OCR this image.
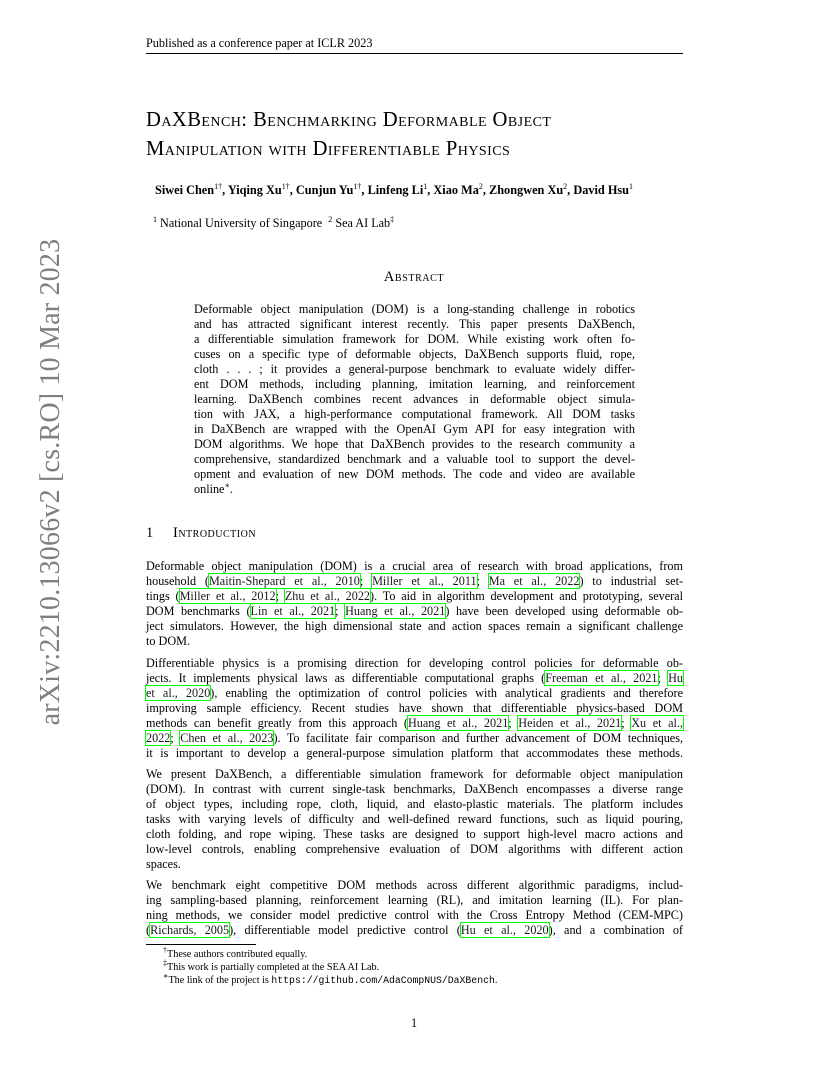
Published as a conference paper at ICLR 2023
arXiv:2210.13066v2 [cs.RO] 10 Mar 2023
DaXBench: Benchmarking Deformable Object
Manipulation with Differentiable Physics
Siwei Chen$^{1\dagger}$, Yiqing $Xu^{1\dagger}$, Cunjun $Yu^{1\dagger}$, Linfeng Li$^1$, Xiao Ma$^2$, Zhongwen Xu$^2$, David Hsu$^1$
$^1$ National University of Singapore $^2$ Sea AI Lab‡
Abstract
Deformable object manipulation (DOM) is a long-standing challenge in robotics
and has attracted significant interest recently. This paper presents DaXBench,
a differentiable simulation framework for DOM. While existing work often fo-
cuses on a specific type of deformable objects, DaXBench supports fluid, rope,
cloth . . . ; it provides a general-purpose benchmark to evaluate widely differ-
ent DOM methods, including planning, imitation learning, and reinforcement
learning. DaXBench combines recent advances in deformable object simula-
tion with JAX, a high-performance computational framework. All DOM tasks
in DaXBench are wrapped with the OpenAI Gym API for easy integration with
DOM algorithms. We hope that DaXBench provides to the research community a
comprehensive, standardized benchmark and a valuable tool to support the devel-
opment and evaluation of new DOM methods. The code and video are available
online∗.
1 Introduction
Deformable object manipulation (DOM) is a crucial area of research with broad applications, from
household (Maitin-Shepard et al., 2010; Miller et al., 2011; Ma et al., 2022) to industrial set-
tings (Miller et al., 2012; Zhu et al., 2022). To aid in algorithm development and prototyping, several
DOM benchmarks (Lin et al., 2021; Huang et al., 2021) have been developed using deformable ob-
ject simulators. However, the high dimensional state and action spaces remain a significant challenge
to DOM.
Differentiable physics is a promising direction for developing control policies for deformable ob-
jects. It implements physical laws as differentiable computational graphs (Freeman et al., 2021; Hu
et al., 2020), enabling the optimization of control policies with analytical gradients and therefore
improving sample efficiency. Recent studies have shown that differentiable physics-based DOM
methods can benefit greatly from this approach (Huang et al., 2021; Heiden et al., 2021; Xu et al.,
2022; Chen et al., 2023). To facilitate fair comparison and further advancement of DOM techniques,
it is important to develop a general-purpose simulation platform that accommodates these methods.
We present DaXBench, a differentiable simulation framework for deformable object manipulation
(DOM). In contrast with current single-task benchmarks, DaXBench encompasses a diverse range
of object types, including rope, cloth, liquid, and elasto-plastic materials. The platform includes
tasks with varying levels of difficulty and well-defined reward functions, such as liquid pouring,
cloth folding, and rope wiping. These tasks are designed to support high-level macro actions and
low-level controls, enabling comprehensive evaluation of DOM algorithms with different action
spaces.
We benchmark eight competitive DOM methods across different algorithmic paradigms, includ-
ing sampling-based planning, reinforcement learning (RL), and imitation learning (IL). For plan-
ning methods, we consider model predictive control with the Cross Entropy Method (CEM-MPC)
(Richards, 2005), differentiable model predictive control (Hu et al., 2020), and a combination of
†These authors contributed equally.
‡This work is partially completed at the SEA AI Lab.
∗The link of the project is https://github.com/AdaCompNUS/DaXBench.
1
